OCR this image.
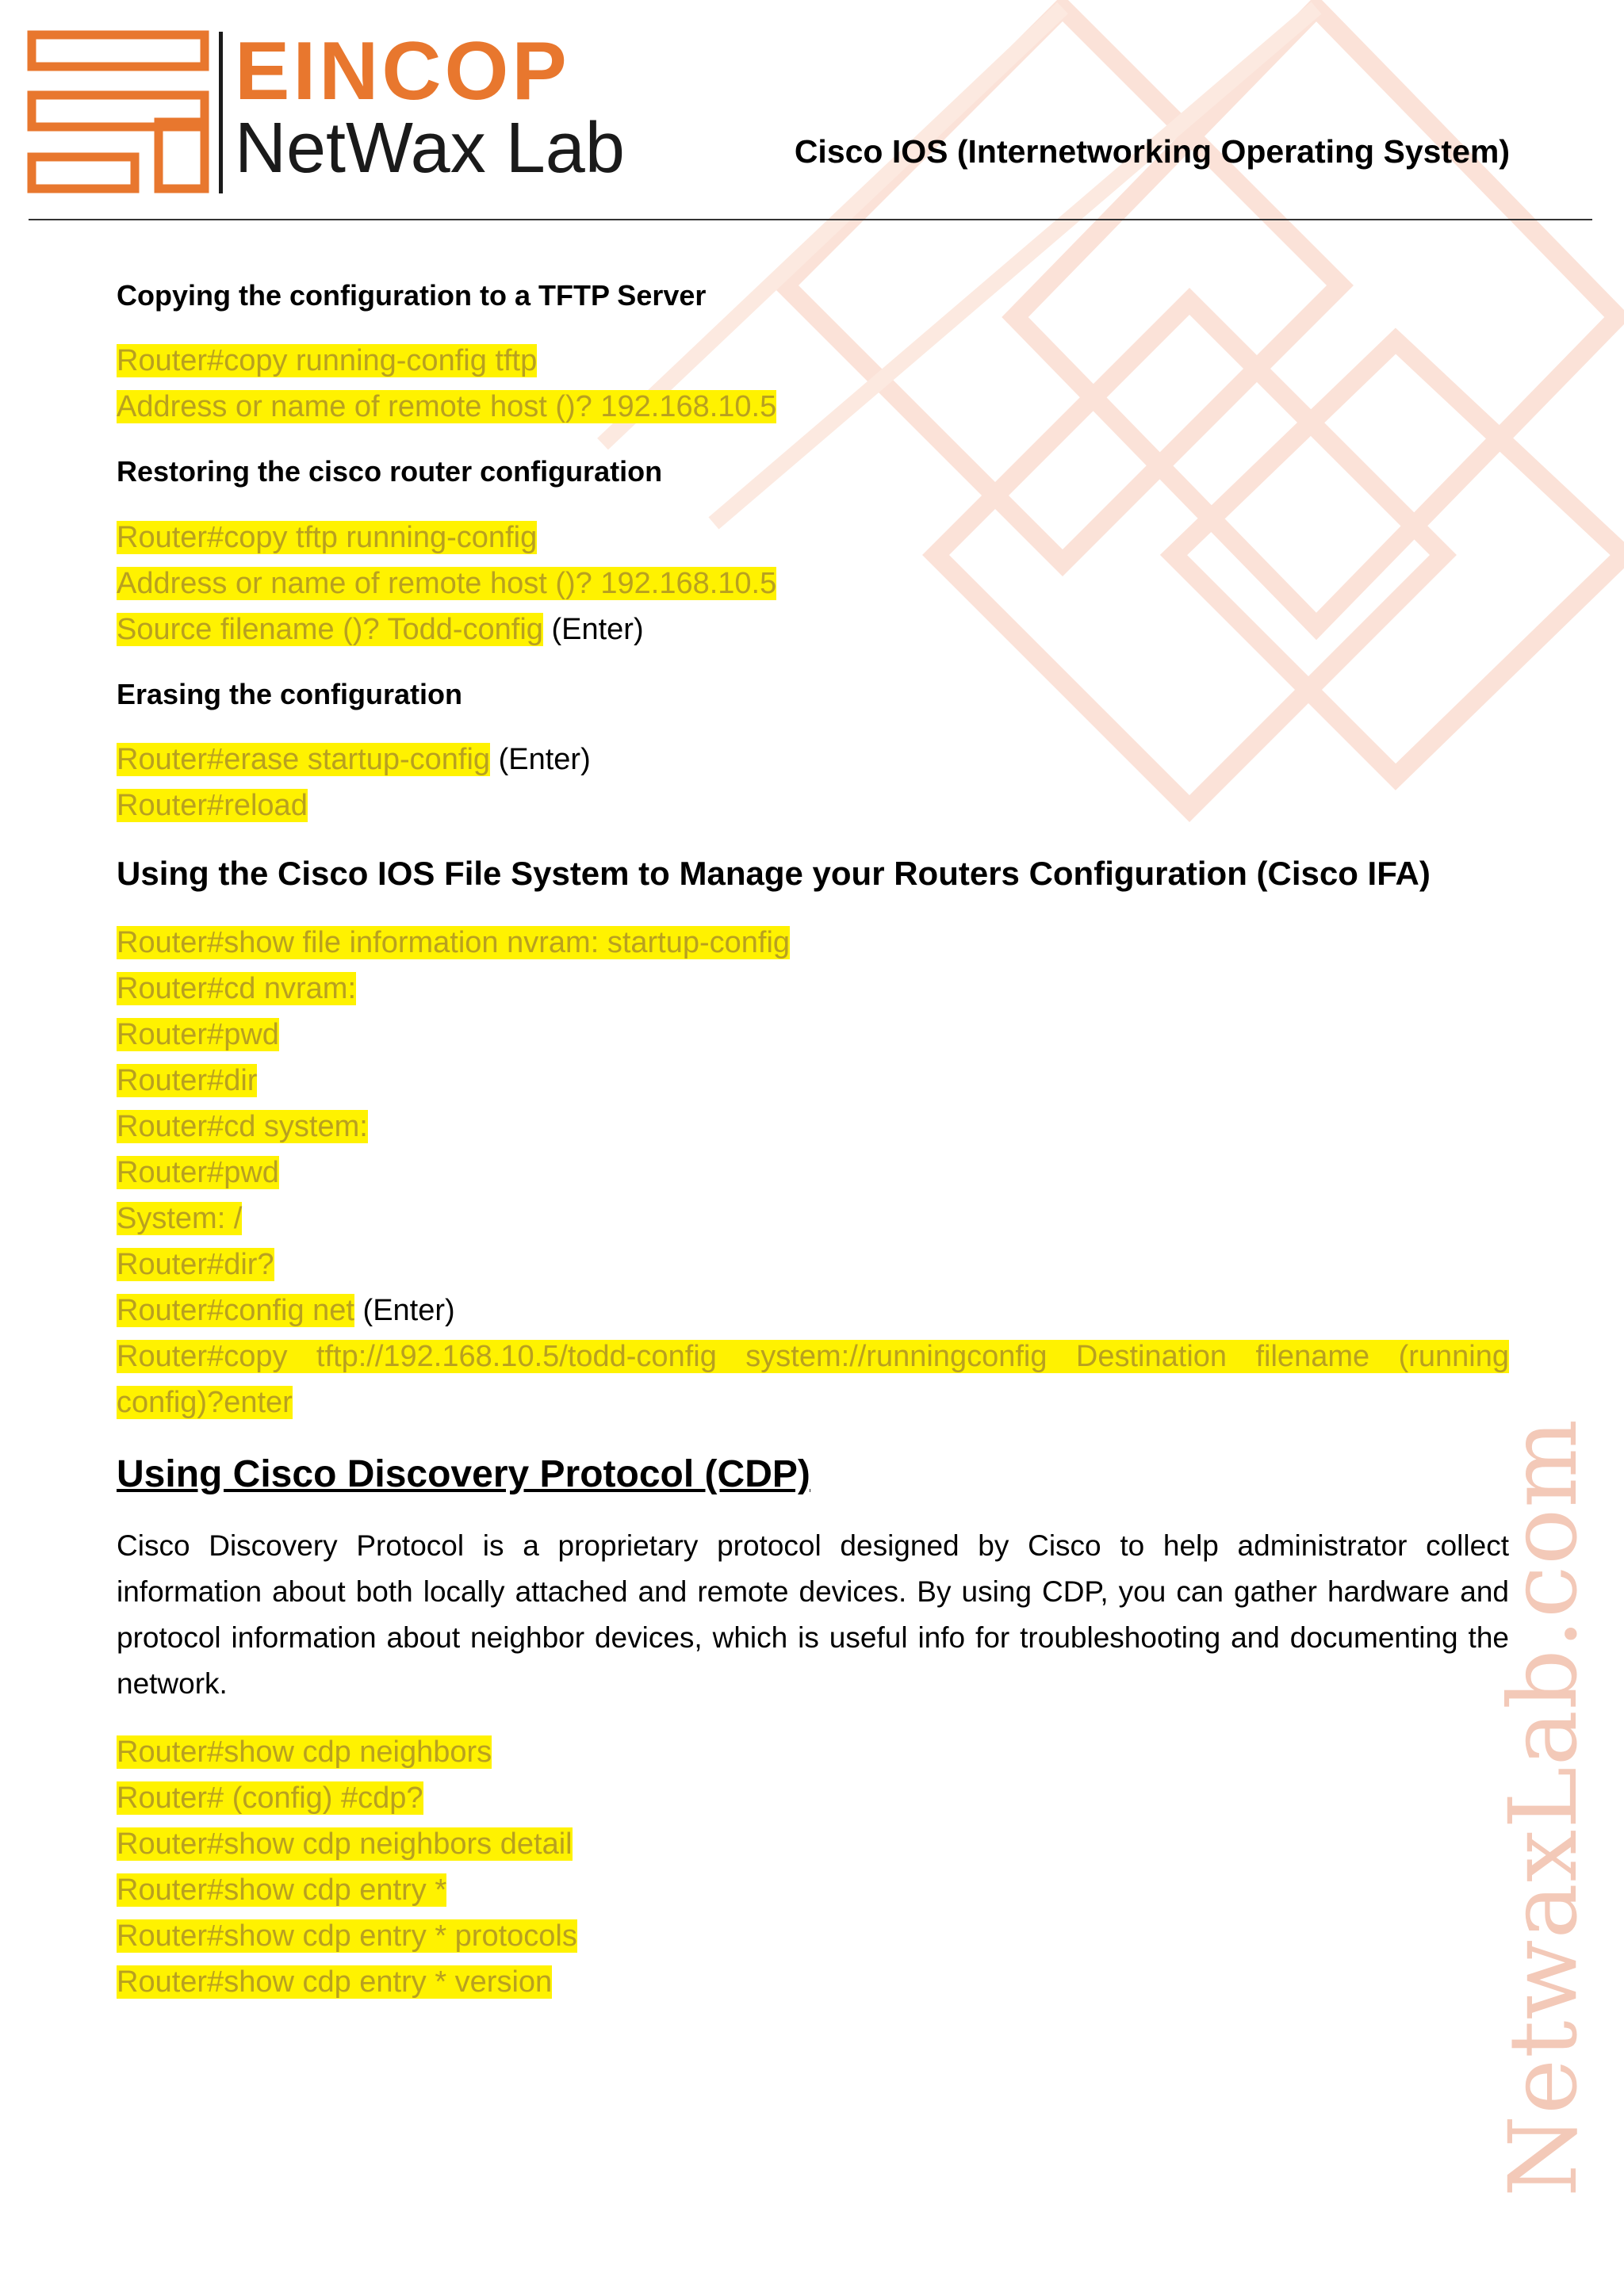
NetwaxLab.com
EINCOP
NetWax Lab	Cisco IOS (Internetworking Operating System)
Copying the configuration to a TFTP Server
Router#copy running-config tftp
Address or name of remote host ()? 192.168.10.5
Restoring the cisco router configuration
Router#copy tftp running-config
Address or name of remote host ()? 192.168.10.5
Source filename ()? Todd-config (Enter)
Erasing the configuration
Router#erase startup-config (Enter)
Router#reload
Using the Cisco IOS File System to Manage your Routers Configuration (Cisco IFA)
Router#show file information nvram: startup-config
Router#cd nvram:
Router#pwd
Router#dir
Router#cd system:
Router#pwd
System: /
Router#dir?
Router#config net (Enter)
Router#copy tftp://192.168.10.5/todd-config system://runningconfig Destination filename (running
config)?enter
Using Cisco Discovery Protocol (CDP)

Cisco Discovery Protocol is a proprietary protocol designed by Cisco to help administrator collect information about both locally attached and remote devices. By using CDP, you can gather hardware and protocol information about neighbor devices, which is useful info for troubleshooting and documenting the network.

Router#show cdp neighbors
Router# (config) #cdp?
Router#show cdp neighbors detail
Router#show cdp entry *
Router#show cdp entry * protocols
Router#show cdp entry * version
